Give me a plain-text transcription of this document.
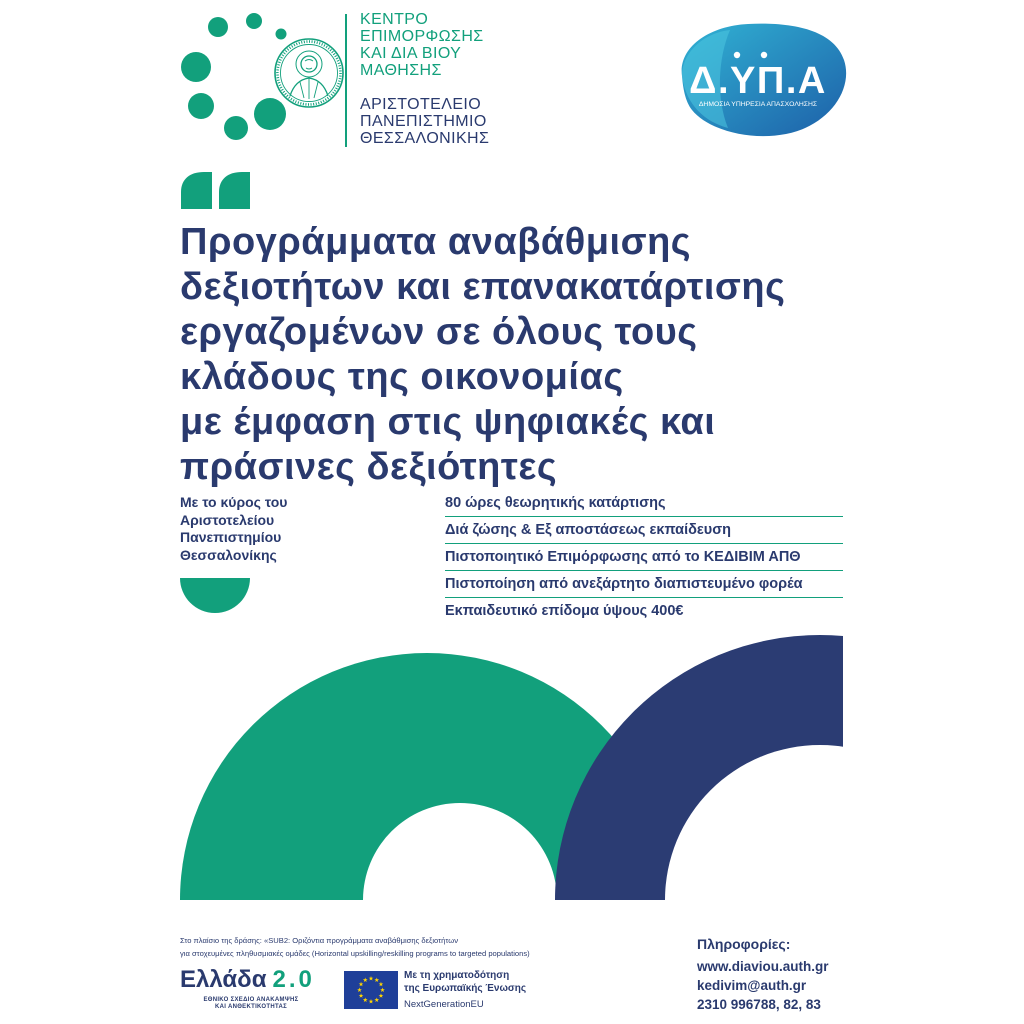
ΚΕΝΤΡΟ
ΕΠΙΜΟΡΦΩΣΗΣ
ΚΑΙ ΔΙΑ ΒΙΟΥ
ΜΑΘΗΣΗΣ
ΑΡΙΣΤΟΤΕΛΕΙΟ
ΠΑΝΕΠΙΣΤΗΜΙΟ
ΘΕΣΣΑΛΟΝΙΚΗΣ
Δ.ΥΠ.Α
ΔΗΜΟΣΙΑ ΥΠΗΡΕΣΙΑ ΑΠΑΣΧΟΛΗΣΗΣ
Προγράμματα αναβάθμισης
δεξιοτήτων και επανακατάρτισης
εργαζομένων σε όλους τους
κλάδους της οικονομίας
με έμφαση στις ψηφιακές και
πράσινες δεξιότητες
Με το κύρος του
Αριστοτελείου
Πανεπιστημίου
Θεσσαλονίκης
80 ώρες θεωρητικής κατάρτισης
Διά ζώσης & Εξ αποστάσεως εκπαίδευση
Πιστοποιητικό Επιμόρφωσης από το ΚΕΔΙΒΙΜ ΑΠΘ
Πιστοποίηση από ανεξάρτητο διαπιστευμένο φορέα
Εκπαιδευτικό επίδομα ύψους 400€
Στο πλαίσιο της δράσης: «SUB2: Οριζόντια προγράμματα αναβάθμισης δεξιοτήτων
για στοχευμένες πληθυσμιακές ομάδες (Horizontal upskilling/reskilling programs to targeted populations)
Ελλάδα 2.0
ΕΘΝΙΚΟ ΣΧΕΔΙΟ ΑΝΑΚΑΜΨΗΣ
ΚΑΙ ΑΝΘΕΚΤΙΚΟΤΗΤΑΣ
Με τη χρηματοδότηση
της Ευρωπαϊκής Ένωσης
NextGenerationEU
Πληροφορίες:
www.diaviou.auth.gr
kedivim@auth.gr
2310 996788, 82, 83
